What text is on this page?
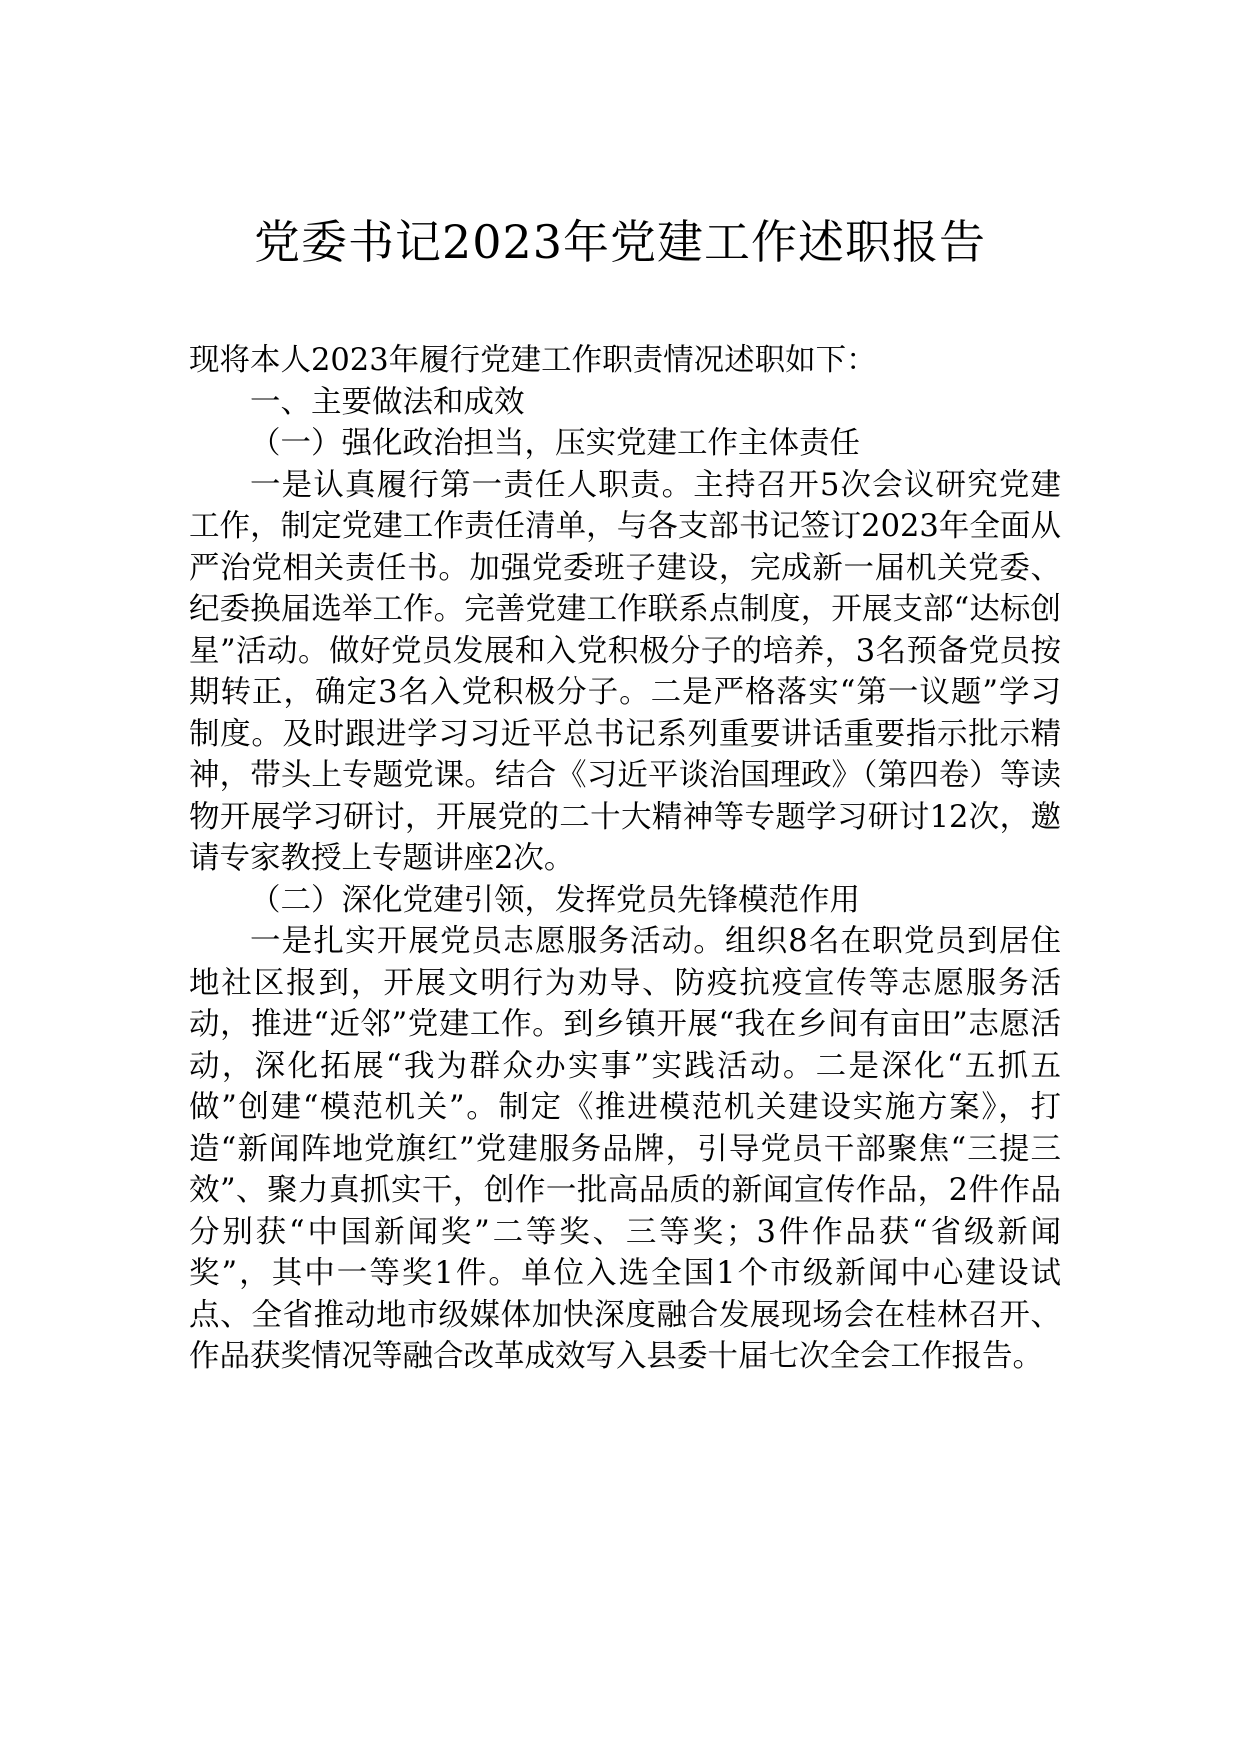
党委书记2023年党建工作述职报告

现将本人2023年履行党建工作职责情况述职如下：

一、主要做法和成效

（一）强化政治担当，压实党建工作主体责任

一是认真履行第一责任人职责。主持召开5次会议研究党建工作，制定党建工作责任清单，与各支部书记签订2023年全面从严治党相关责任书。加强党委班子建设，完成新一届机关党委、纪委换届选举工作。完善党建工作联系点制度，开展支部“达标创星”活动。做好党员发展和入党积极分子的培养，3名预备党员按期转正，确定3名入党积极分子。二是严格落实“第一议题”学习制度。及时跟进学习习近平总书记系列重要讲话重要指示批示精神，带头上专题党课。结合《习近平谈治国理政》（第四卷）等读物开展学习研讨，开展党的二十大精神等专题学习研讨12次，邀请专家教授上专题讲座2次。

（二）深化党建引领，发挥党员先锋模范作用

一是扎实开展党员志愿服务活动。组织8名在职党员到居住地社区报到，开展文明行为劝导、防疫抗疫宣传等志愿服务活动，推进“近邻”党建工作。到乡镇开展“我在乡间有亩田”志愿活动，深化拓展“我为群众办实事”实践活动。二是深化“五抓五做”创建“模范机关”。制定《推进模范机关建设实施方案》，打造“新闻阵地党旗红”党建服务品牌，引导党员干部聚焦“三提三效”、聚力真抓实干，创作一批高品质的新闻宣传作品，2件作品分别获“中国新闻奖”二等奖、三等奖；3件作品获“省级新闻奖”，其中一等奖1件。单位入选全国1个市级新闻中心建设试点、全省推动地市级媒体加快深度融合发展现场会在桂林召开、作品获奖情况等融合改革成效写入县委十届七次全会工作报告。
